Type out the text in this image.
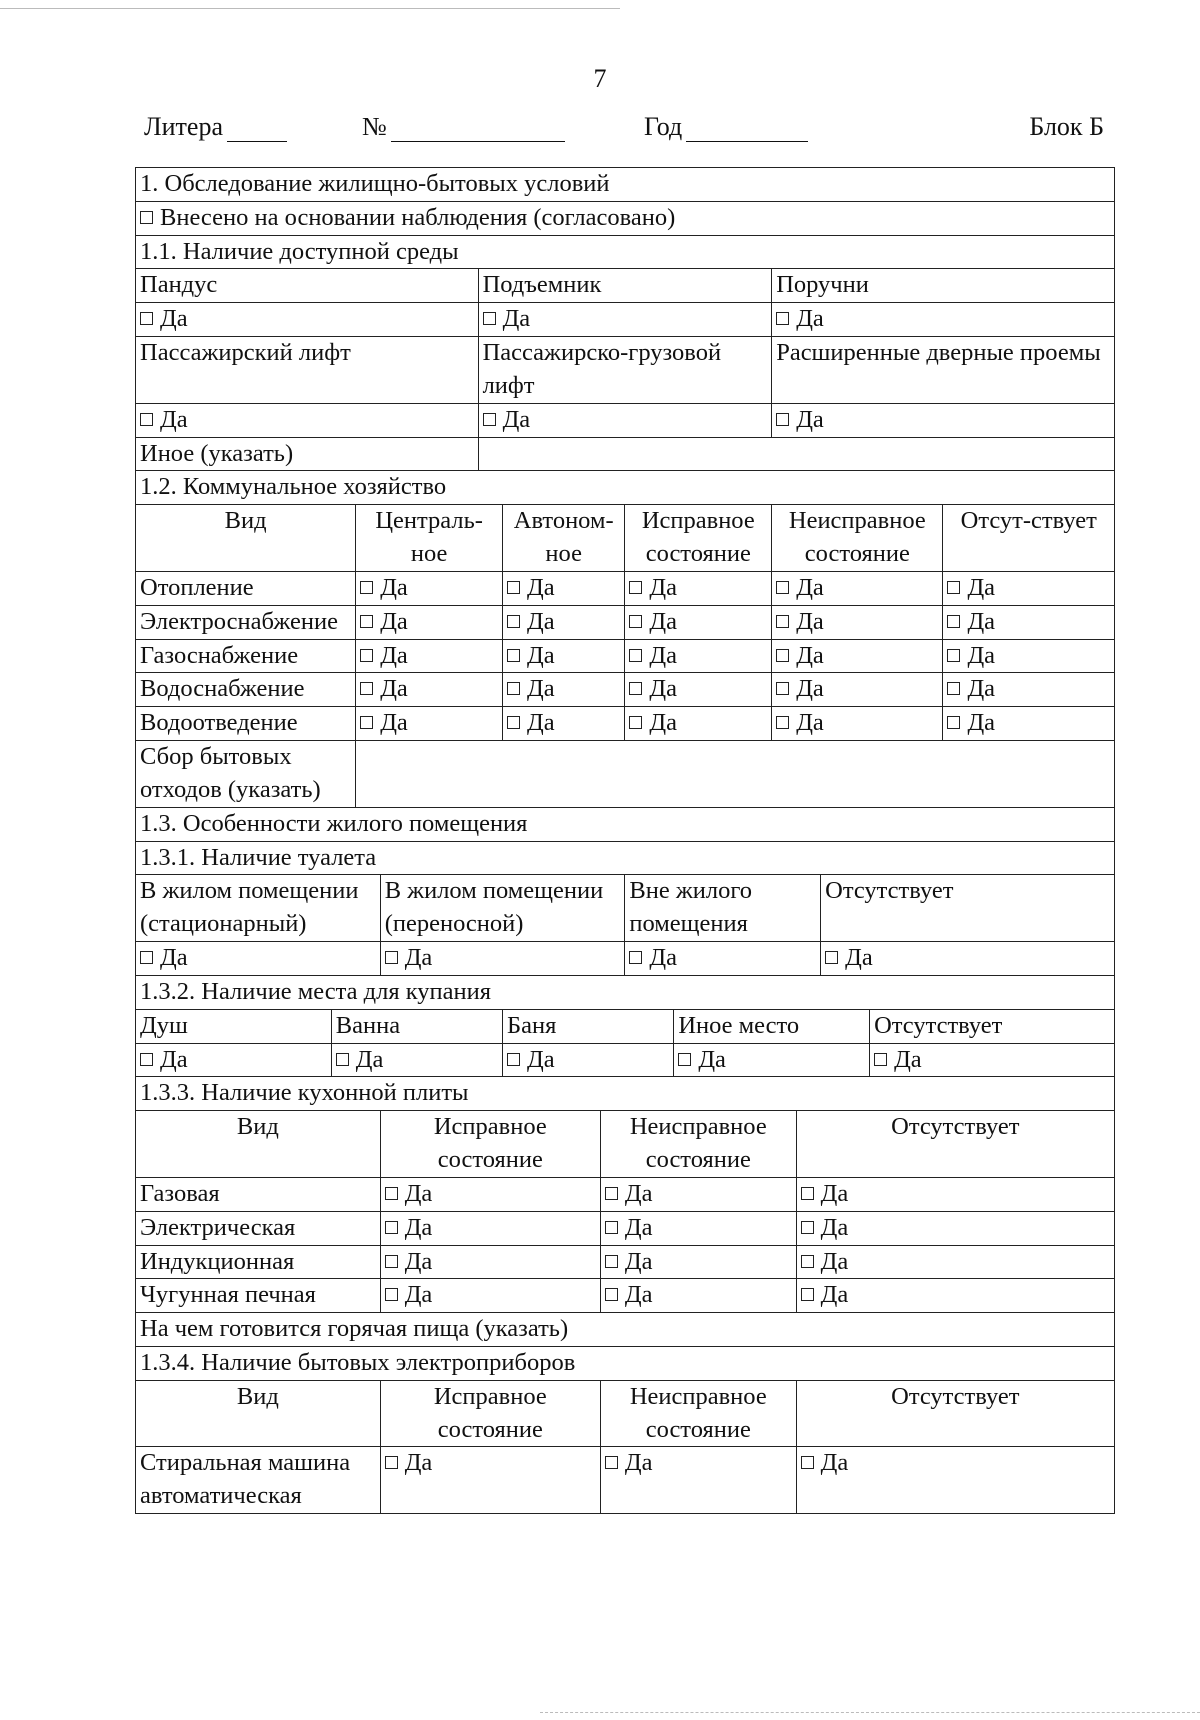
7
Литера	№	Год	Блок Б
1. Обследование жилищно-бытовых условий													
Внесено на основании наблюдения (согласовано)													
1.1. Наличие доступной среды													
Пандус				Подъемник					Поручни				
Да				Да					Да				
Пассажирский лифт				Пассажирско-грузовой лифт					Расширенные дверные проемы				
Да				Да					Да				
Иное (указать)													
1.2. Коммунальное хозяйство													
Вид		Централь-ное			Автоном-ное		Исправное состояние		Неисправное состояние				Отсут-ствует
Отопление		Да			Да		Да		Да				Да
Электроснабжение		Да			Да		Да		Да				Да
Газоснабжение		Да			Да		Да		Да				Да
Водоснабжение		Да			Да		Да		Да				Да
Водоотведение		Да			Да		Да		Да				Да
Сбор бытовых отходов (указать)													
1.3. Особенности жилого помещения													
1.3.1. Наличие туалета													
В жилом помещении (стационарный)			В жилом помещении (переносной)				Вне жилого помещения				Отсутствует		
Да			Да				Да				Да		
1.3.2. Наличие места для купания													
Душ	Ванна				Баня			Иное место				Отсутствует	
Да	Да				Да			Да				Да	
1.3.3. Наличие кухонной плиты													
Вид			Исправное состояние			Неисправное состояние				Отсутствует			
Газовая			Да			Да				Да			
Электрическая			Да			Да				Да			
Индукционная			Да			Да				Да			
Чугунная печная			Да			Да				Да			
На чем готовится горячая пища (указать)													
1.3.4. Наличие бытовых электроприборов													
Вид			Исправное состояние			Неисправное состояние				Отсутствует			
Стиральная машина автоматическая			Да			Да				Да			
